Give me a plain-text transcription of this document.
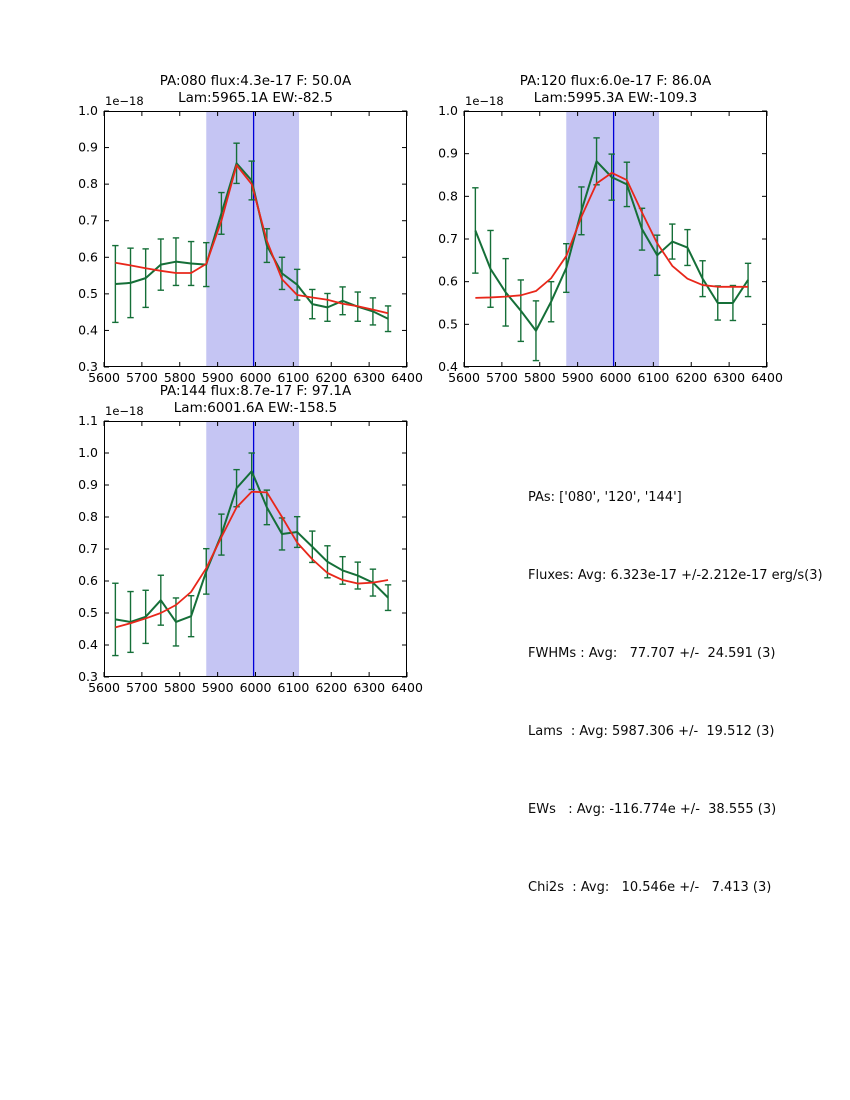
PA:080 flux:4.3e-17 F: 50.0A
Lam:5965.1A EW:-82.5
1e−18
5600 5700 5800 5900 6000 6100 6200 6300 6400
0.3
0.4
0.5
0.6
0.7
0.8
0.9
1.0
PA:120 flux:6.0e-17 F: 86.0A
Lam:5995.3A EW:-109.3
1e−18
5600 5700 5800 5900 6000 6100 6200 6300 6400
0.4
0.5
0.6
0.7
0.8
0.9
1.0
PA:144 flux:8.7e-17 F: 97.1A
Lam:6001.6A EW:-158.5
1e−18
5600 5700 5800 5900 6000 6100 6200 6300 6400
0.3
0.4
0.5
0.6
0.7
0.8
0.9
1.0
1.1

PAs: ['080', '120', '144']

Fluxes: Avg: 6.323e-17 +/-2.212e-17 erg/s(3)

FWHMs : Avg:   77.707 +/-  24.591 (3)

Lams  : Avg: 5987.306 +/-  19.512 (3)

EWs   : Avg: -116.774e +/-  38.555 (3)

Chi2s  : Avg:   10.546e +/-   7.413 (3)
